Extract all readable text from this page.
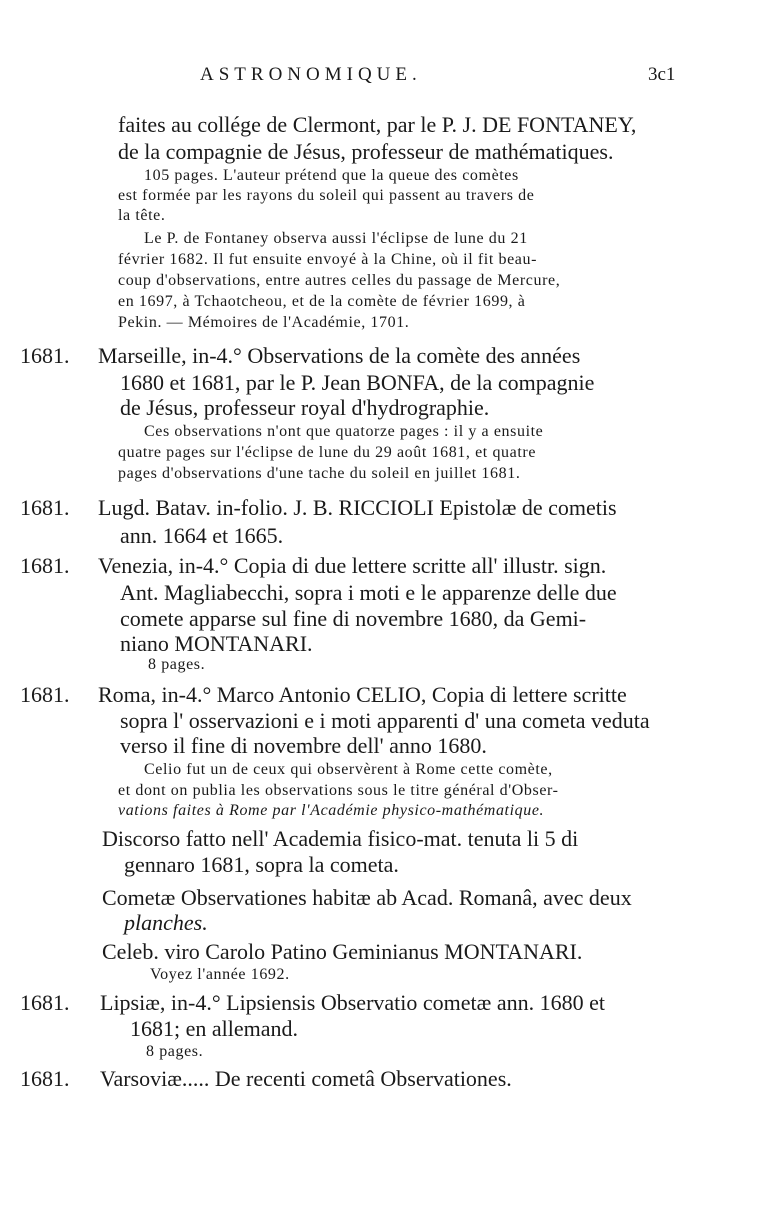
ASTRONOMIQUE.	3c1
faites au collége de Clermont, par le P. J. DE FONTANEY,
de la compagnie de Jésus, professeur de mathématiques.
105 pages. L'auteur prétend que la queue des comètes
est formée par les rayons du soleil qui passent au travers de
la tête.
Le P. de Fontaney observa aussi l'éclipse de lune du 21
février 1682. Il fut ensuite envoyé à la Chine, où il fit beau-
coup d'observations, entre autres celles du passage de Mercure,
en 1697, à Tchaotcheou, et de la comète de février 1699, à
Pekin. — Mémoires de l'Académie, 1701.
1681. Marseille, in-4.° Observations de la comète des années
1680 et 1681, par le P. Jean BONFA, de la compagnie
de Jésus, professeur royal d'hydrographie.
Ces observations n'ont que quatorze pages : il y a ensuite
quatre pages sur l'éclipse de lune du 29 août 1681, et quatre
pages d'observations d'une tache du soleil en juillet 1681.
1681. Lugd. Batav. in-folio. J. B. RICCIOLI Epistolæ de cometis
ann. 1664 et 1665.
1681. Venezia, in-4.° Copia di due lettere scritte all' illustr. sign.
Ant. Magliabecchi, sopra i moti e le apparenze delle due
comete apparse sul fine di novembre 1680, da Gemi-
niano MONTANARI.
8 pages.
1681. Roma, in-4.° Marco Antonio CELIO, Copia di lettere scritte
sopra l' osservazioni e i moti apparenti d' una cometa veduta
verso il fine di novembre dell' anno 1680.
Celio fut un de ceux qui observèrent à Rome cette comète,
et dont on publia les observations sous le titre général d'Obser-
vations faites à Rome par l'Académie physico-mathématique.
Discorso fatto nell' Academia fisico-mat. tenuta li 5 di
gennaro 1681, sopra la cometa.
Cometæ Observationes habitæ ab Acad. Romanâ, avec deux
planches.
Celeb. viro Carolo Patino Geminianus MONTANARI.
Voyez l'année 1692.
1681. Lipsiæ, in-4.° Lipsiensis Observatio cometæ ann. 1680 et
1681; en allemand.
8 pages.
1681. Varsoviæ..... De recenti cometâ Observationes.
